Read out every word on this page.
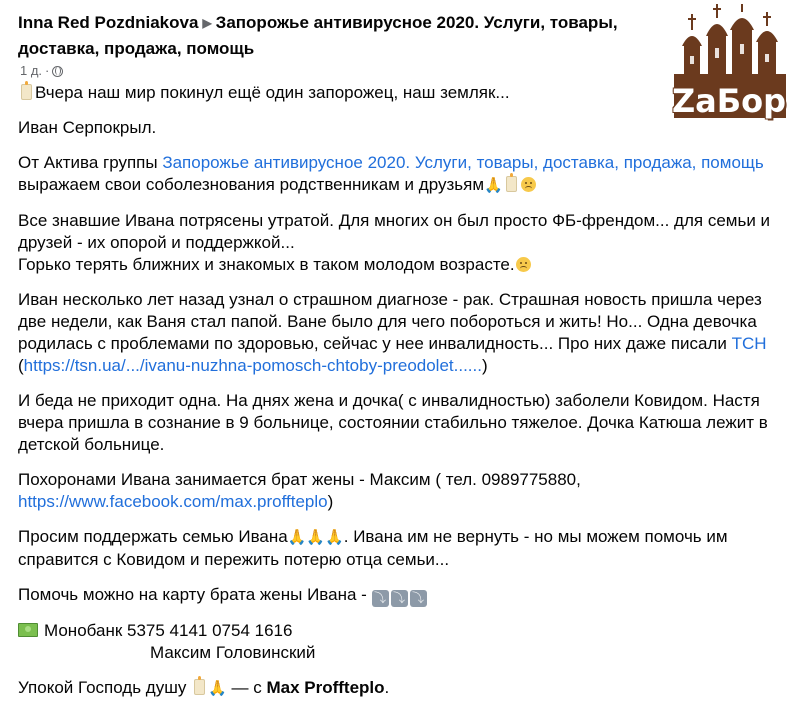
ZаБор
Inna Red Pozdniakova ▶ Запорожье антивирусное 2020. Услуги, товары, доставка, продажа, помощь
1 д. ·

Вчера наш мир покинул ещё один запорожец, наш земляк...

Иван Серпокрыл.

От Актива группы Запорожье антивирусное 2020. Услуги, товары, доставка, продажа, помощь выражаем свои соболезнования родственникам и друзьям🙏

Все знавшие Ивана потрясены утратой. Для многих он был просто ФБ-френдом... для семьи и друзей - их опорой и поддержкой...
Горько терять ближних и знакомых в таком молодом возрасте.

Иван несколько лет назад узнал о страшном диагнозе - рак. Страшная новость пришла через две недели, как Ваня стал папой. Ване было для чего побороться и жить! Но... Одна девочка родилась с проблемами по здоровью, сейчас у нее инвалидность... Про них даже писали ТСН (https://tsn.ua/.../ivanu-nuzhna-pomosch-chtoby-preodolet......)

И беда не приходит одна. На днях жена и дочка( с инвалидностью) заболели Ковидом. Настя вчера пришла в сознание в 9 больнице, состоянии стабильно тяжелое. Дочка Катюша лежит в детской больнице.

Похоронами Ивана занимается брат жены - Максим ( тел. 0989775880,
https://www.facebook.com/max.proffteplo)

Просим поддержать семью Ивана🙏🙏🙏. Ивана им не вернуть - но мы можем помочь им справится с Ковидом и пережить потерю отца семьи...

Помочь можно на карту брата жены Ивана - ⤵ ⤵ ⤵

Монобанк 5375 4141 0754 1616
Максим Головинский

Упокой Господь душу 🙏 — с Max Proffteplo.
